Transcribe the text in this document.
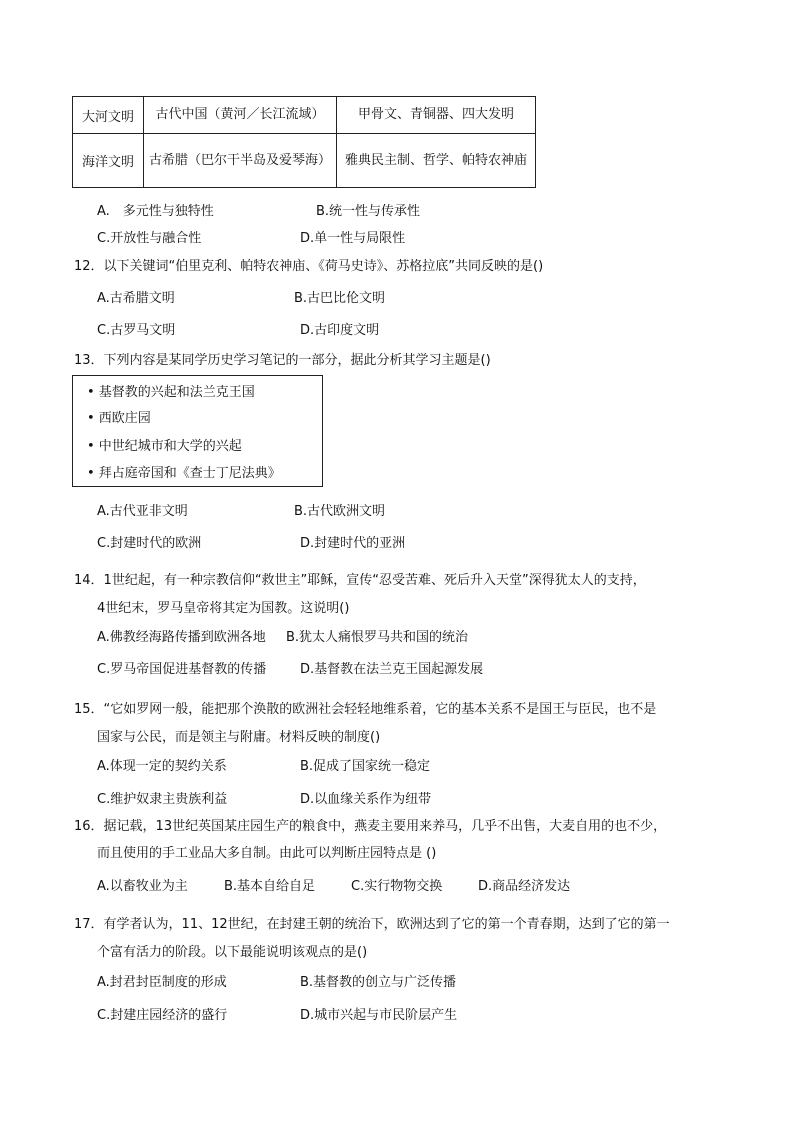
大河文明	古代中国（黄河／长江流域）	甲骨文、青铜器、四大发明
海洋文明	古希腊（巴尔干半岛及爱琴海）	雅典民主制、哲学、帕特农神庙
A.　多元性与独特性	B.统一性与传承性
C.开放性与融合性	D.单一性与局限性
12．以下关键词“伯里克利、帕特农神庙、《荷马史诗》、苏格拉底”共同反映的是()
A.古希腊文明	B.古巴比伦文明
C.古罗马文明	D.古印度文明
13．下列内容是某同学历史学习笔记的一部分，据此分析其学习主题是()
• 基督教的兴起和法兰克王国
• 西欧庄园
• 中世纪城市和大学的兴起
• 拜占庭帝国和《查士丁尼法典》
A.古代亚非文明	B.古代欧洲文明
C.封建时代的欧洲	D.封建时代的亚洲
14．1世纪起，有一种宗教信仰“救世主”耶稣，宣传“忍受苦难、死后升入天堂”深得犹太人的支持，
4世纪末，罗马皇帝将其定为国教。这说明()
A.佛教经海路传播到欧洲各地 B.犹太人痛恨罗马共和国的统治
C.罗马帝国促进基督教的传播	D.基督教在法兰克王国起源发展
15．“它如罗网一般，能把那个涣散的欧洲社会轻轻地维系着，它的基本关系不是国王与臣民，也不是
国家与公民，而是领主与附庸。材料反映的制度()
A.体现一定的契约关系	B.促成了国家统一稳定
C.维护奴隶主贵族利益	D.以血缘关系作为纽带
16．据记载，13世纪英国某庄园生产的粮食中，燕麦主要用来养马，几乎不出售，大麦自用的也不少，
而且使用的手工业品大多自制。由此可以判断庄园特点是 ()
A.以畜牧业为主	B.基本自给自足	C.实行物物交换	D.商品经济发达
17．有学者认为，11、12世纪，在封建王朝的统治下，欧洲达到了它的第一个青春期，达到了它的第一
个富有活力的阶段。以下最能说明该观点的是()
A.封君封臣制度的形成	B.基督教的创立与广泛传播
C.封建庄园经济的盛行	D.城市兴起与市民阶层产生
